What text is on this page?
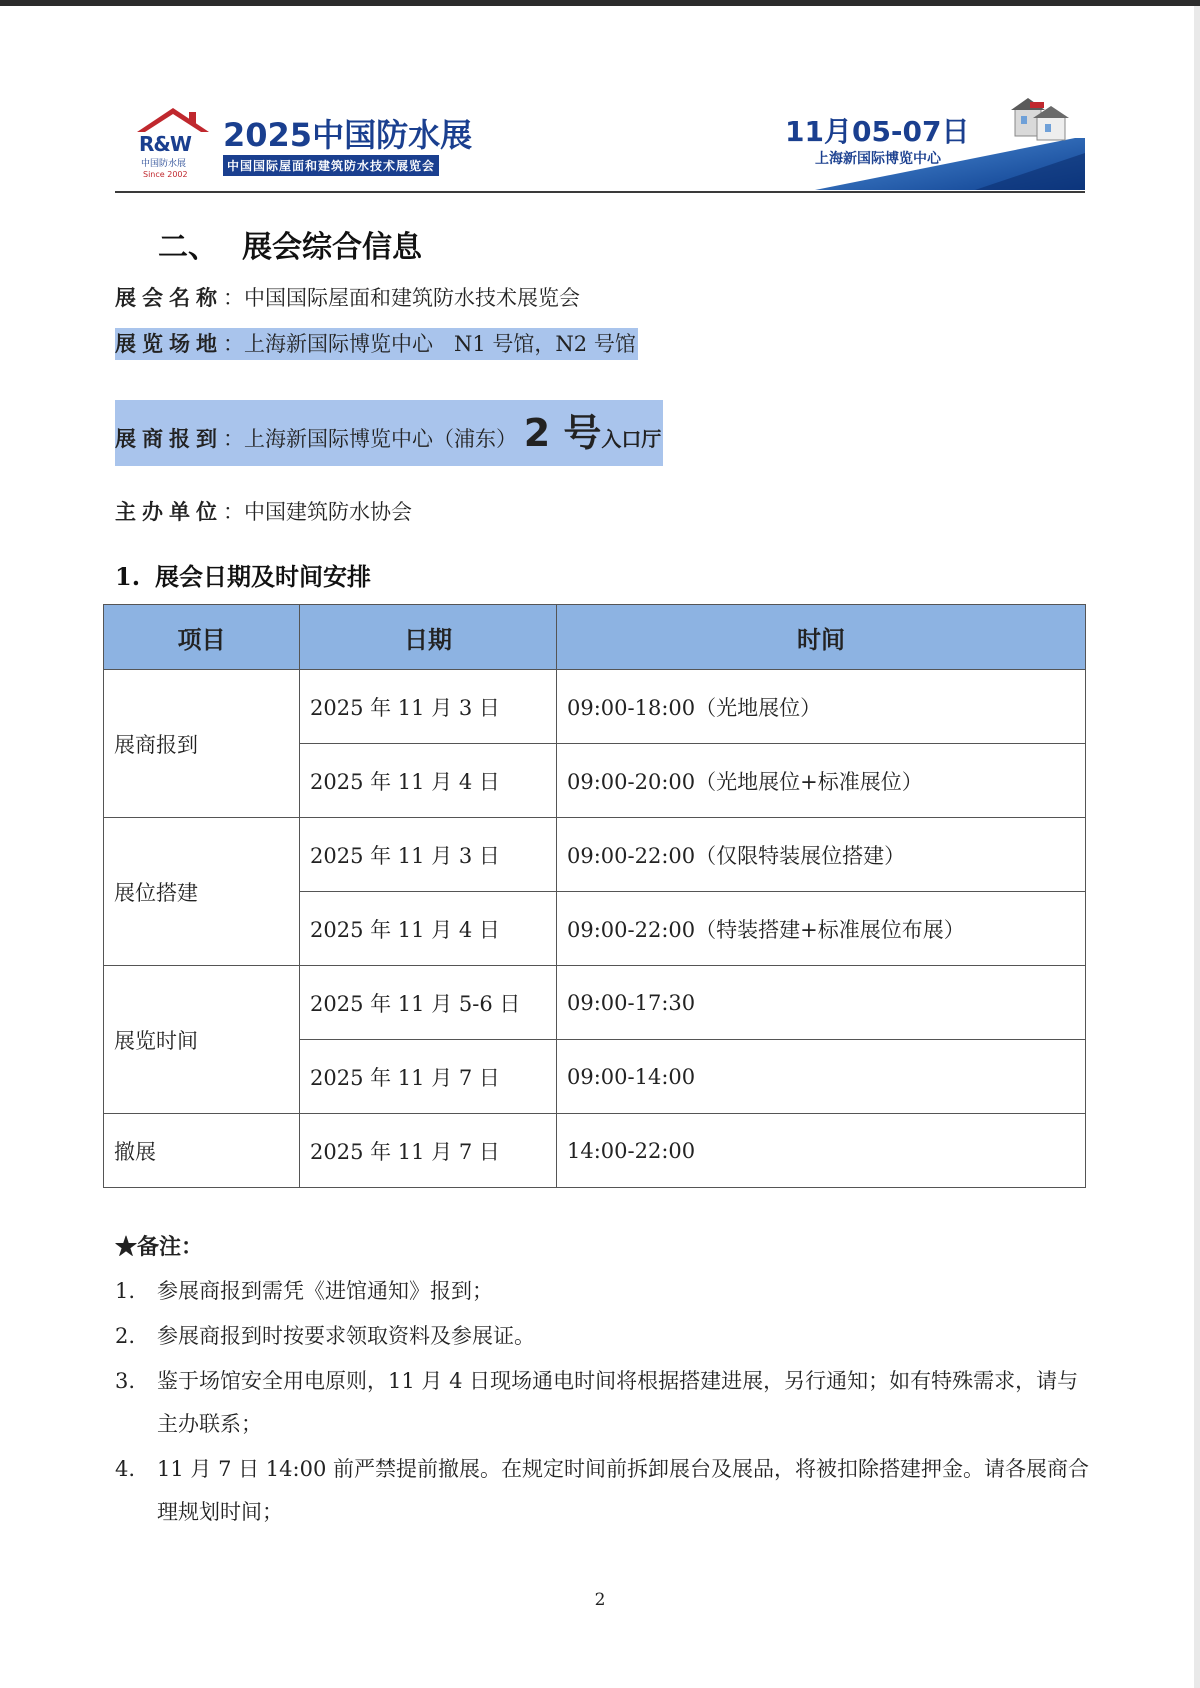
R&W
中国防水展
Since 2002
2025中国防水展
中国国际屋面和建筑防水技术展览会
11月05-07日
上海新国际博览中心
二、 展会综合信息
展会名称：中国国际屋面和建筑防水技术展览会
展览场地：上海新国际博览中心　N1 号馆，N2 号馆
展商报到：上海新国际博览中心（浦东） 2 号入口厅
主办单位：中国建筑防水协会
1. 展会日期及时间安排
项目	日期	时间
展商报到	2025 年 11 月 3 日	09:00-18:00（光地展位）
	2025 年 11 月 4 日	09:00-20:00（光地展位+标准展位）
展位搭建	2025 年 11 月 3 日	09:00-22:00（仅限特装展位搭建）
	2025 年 11 月 4 日	09:00-22:00（特装搭建+标准展位布展）
展览时间	2025 年 11 月 5-6 日	09:00-17:30
	2025 年 11 月 7 日	09:00-14:00
撤展	2025 年 11 月 7 日	14:00-22:00
★备注：
1. 参展商报到需凭《进馆通知》报到；
2. 参展商报到时按要求领取资料及参展证。
3. 鉴于场馆安全用电原则，11 月 4 日现场通电时间将根据搭建进展，另行通知；如有特殊需求，请与主办联系；
4. 11 月 7 日 14:00 前严禁提前撤展。在规定时间前拆卸展台及展品，将被扣除搭建押金。请各展商合理规划时间；
2
